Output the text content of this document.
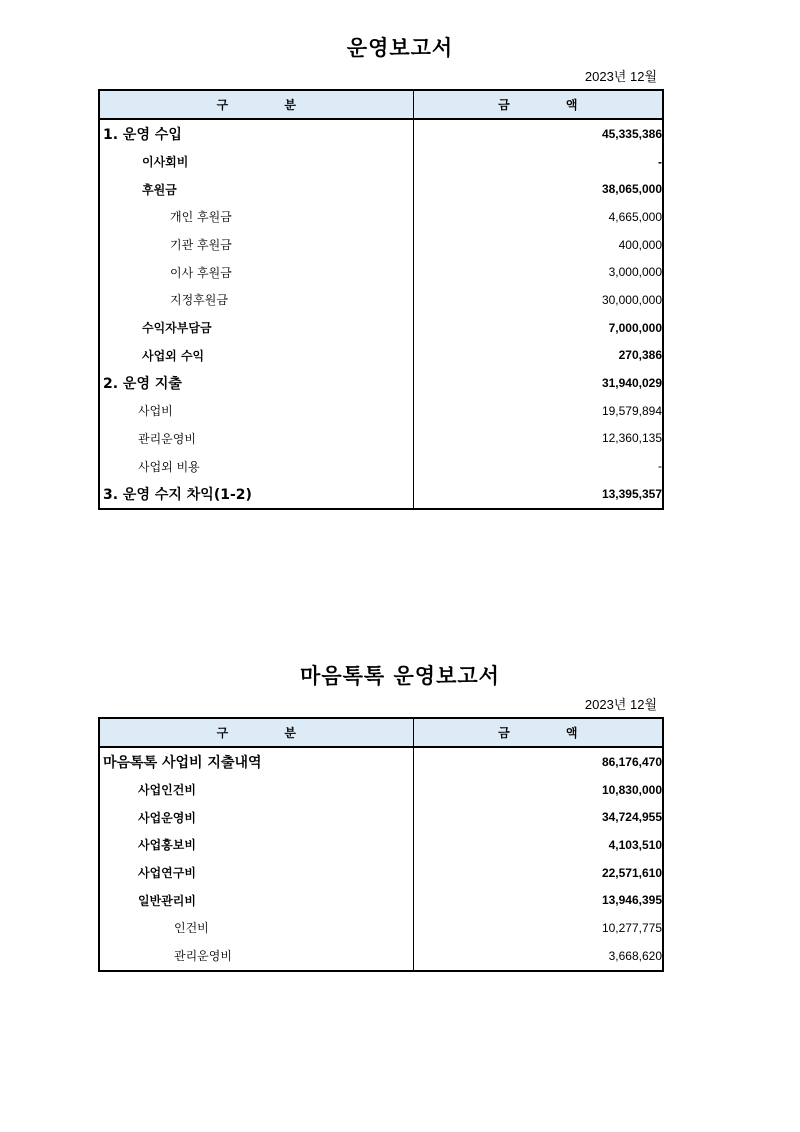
운영보고서
2023년 12월
구 분	금 액
1. 운영 수입	45,335,386
이사회비	-
후원금	38,065,000
개인 후원금	4,665,000
기관 후원금	400,000
이사 후원금	3,000,000
지정후원금	30,000,000
수익자부담금	7,000,000
사업외 수익	270,386
2. 운영 지출	31,940,029
사업비	19,579,894
관리운영비	12,360,135
사업외 비용	-
3. 운영 수지 차익(1-2)	13,395,357
마음톡톡 운영보고서
2023년 12월
구 분	금 액
마음톡톡 사업비 지출내역	86,176,470
사업인건비	10,830,000
사업운영비	34,724,955
사업홍보비	4,103,510
사업연구비	22,571,610
일반관리비	13,946,395
인건비	10,277,775
관리운영비	3,668,620
